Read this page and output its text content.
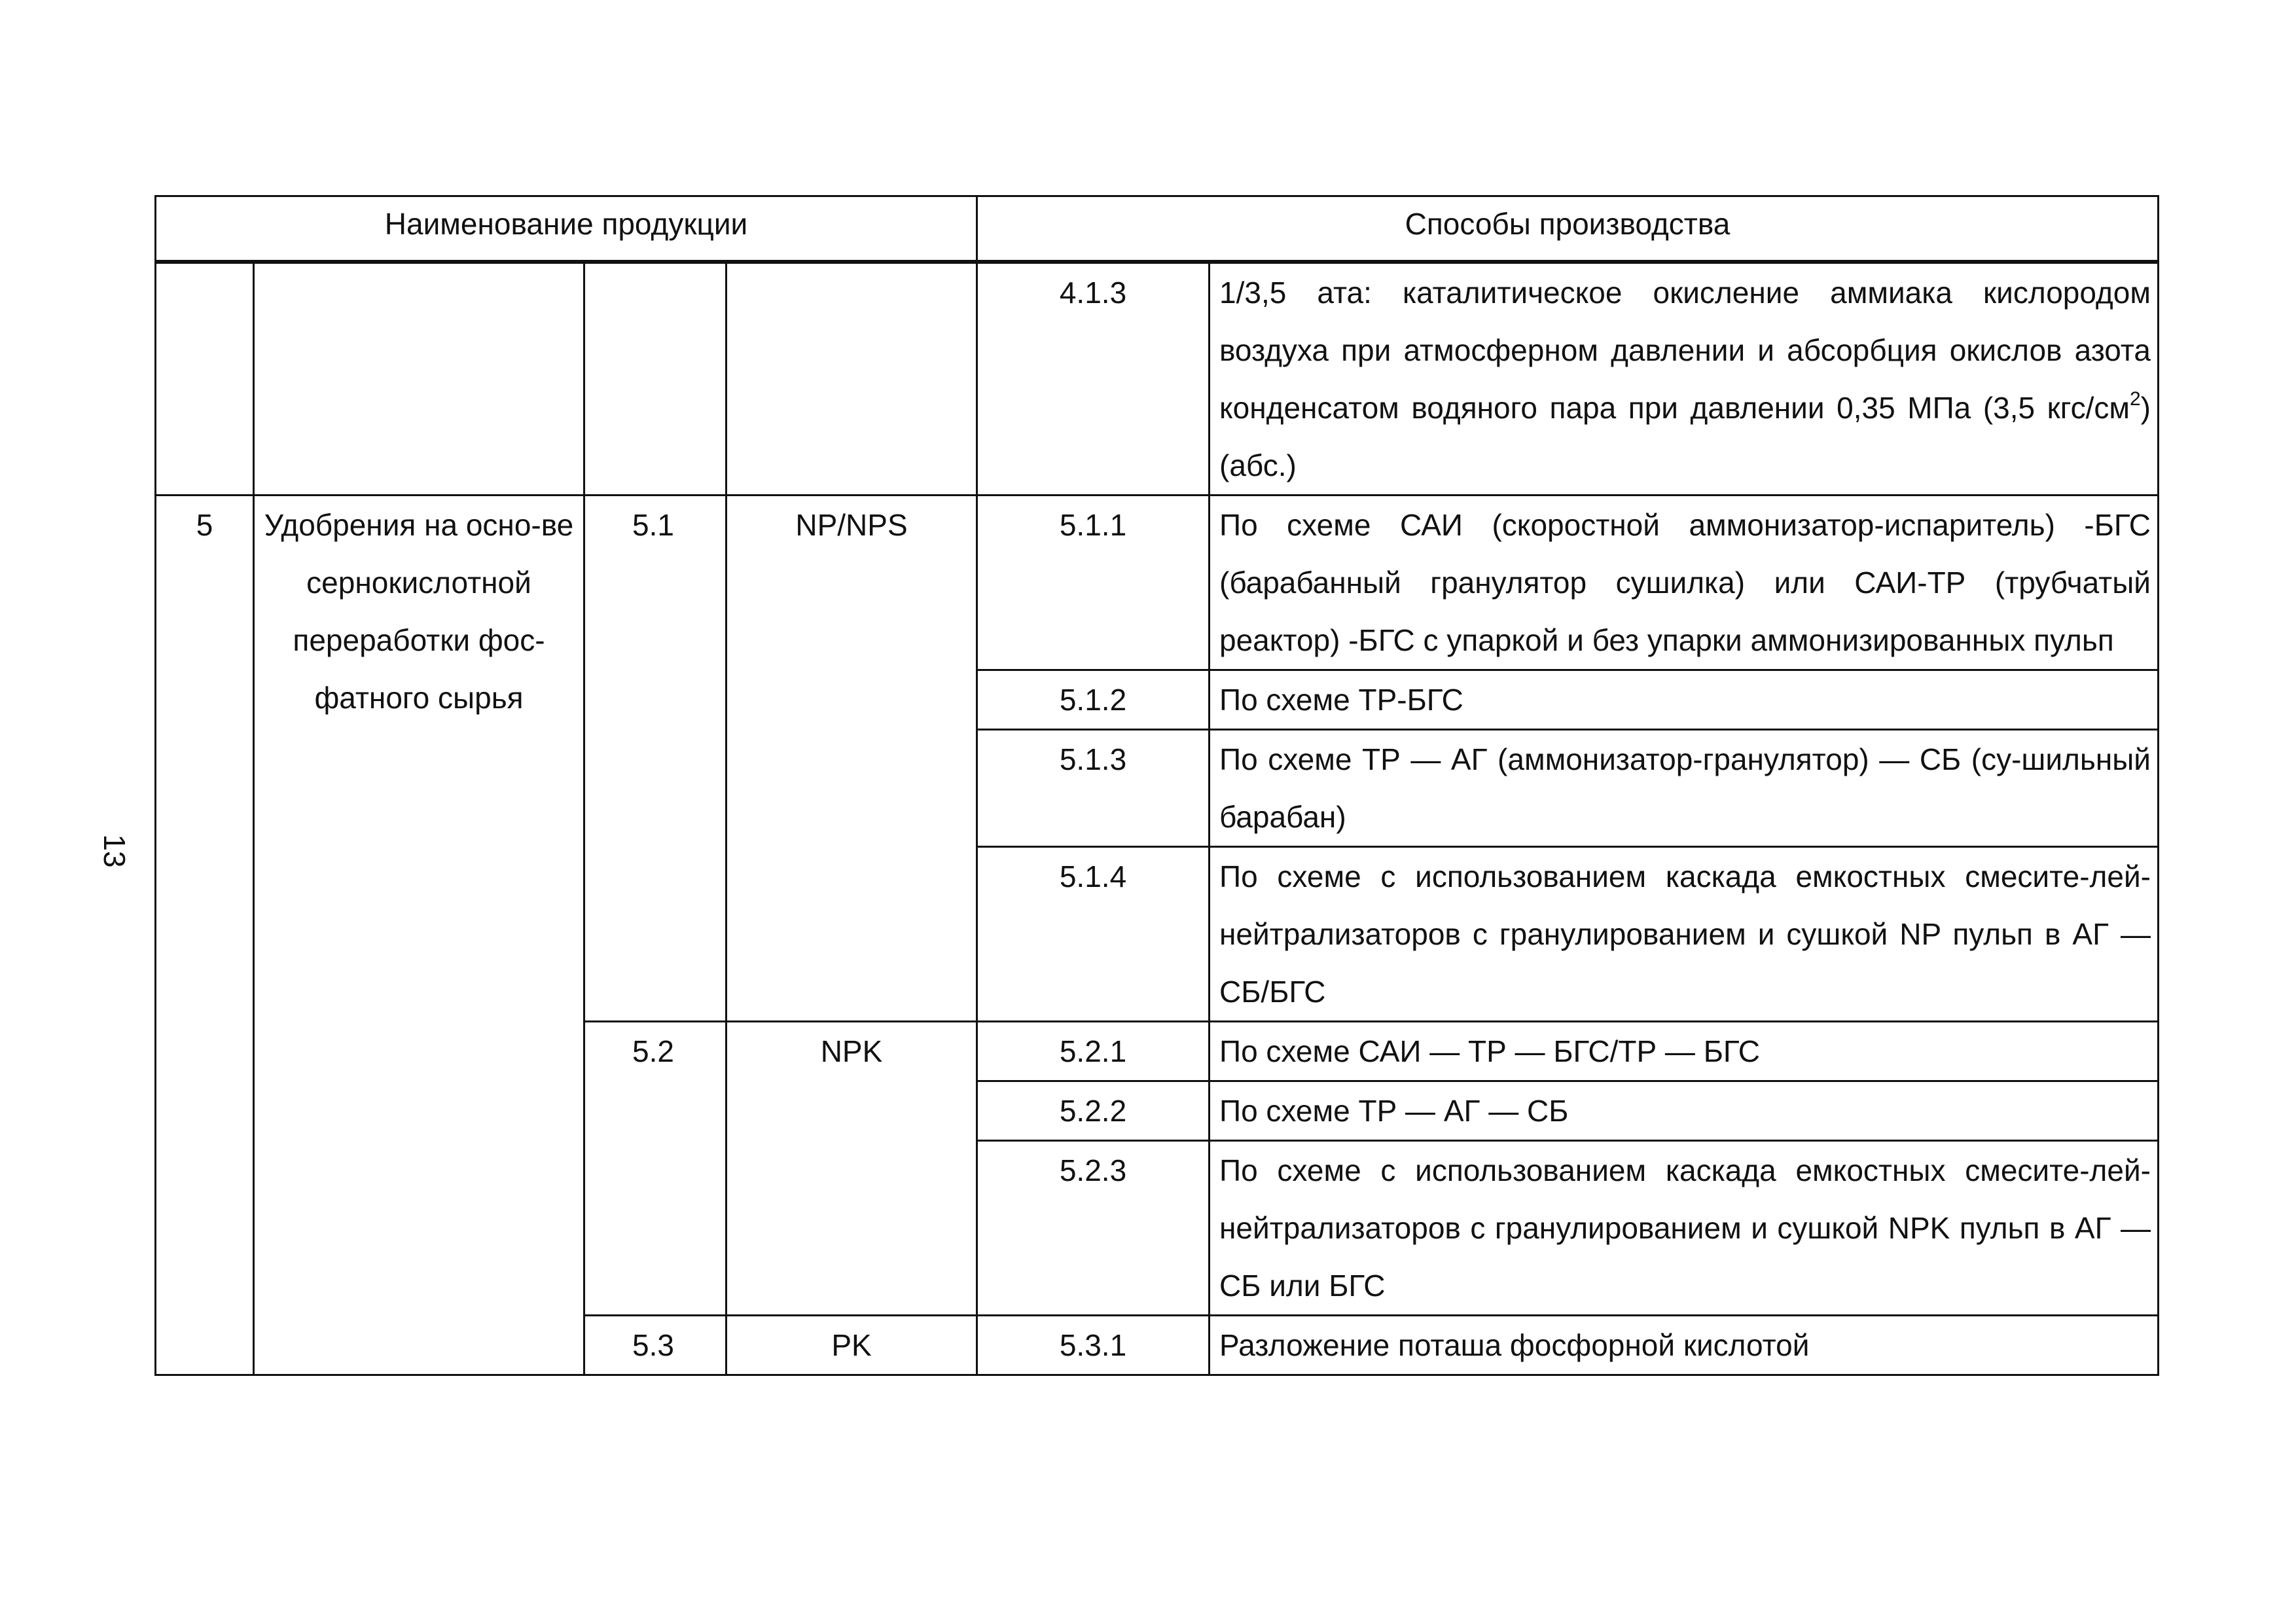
13
Наименование продукции				Способы производства	

				4.1.3	1/3,5 ата: каталитическое окисление аммиака кислородом воздуха при атмосферном давлении и абсорбция окислов азота конденсатом водяного пара при давлении 0,35 МПа (3,5 кгс/$см^2$) (абс.)

5	Удобрения на осно-ве сернокислотной переработки фос-фатного сырья	5.1	NP/NPS	5.1.1	По схеме САИ (скоростной аммонизатор-испаритель) -БГС (барабанный гранулятор сушилка) или САИ-ТР (трубчатый реактор) -БГС с упаркой и без упарки аммонизированных пульп

				5.1.2	По схеме ТР-БГС

				5.1.3	По схеме ТР — АГ (аммонизатор-гранулятор) — СБ (су-шильный барабан)

				5.1.4	По схеме с использованием каскада емкостных смесите-лей-нейтрализаторов с гранулированием и сушкой NP пульп в АГ — СБ/БГС

		5.2	NPK	5.2.1	По схеме САИ — ТР — БГС/ТР — БГС

				5.2.2	По схеме ТР — АГ — СБ

				5.2.3	По схеме с использованием каскада емкостных смесите-лей-нейтрализаторов с гранулированием и сушкой NPK пульп в АГ — СБ или БГС

		5.3	PK	5.3.1	Разложение поташа фосфорной кислотой
